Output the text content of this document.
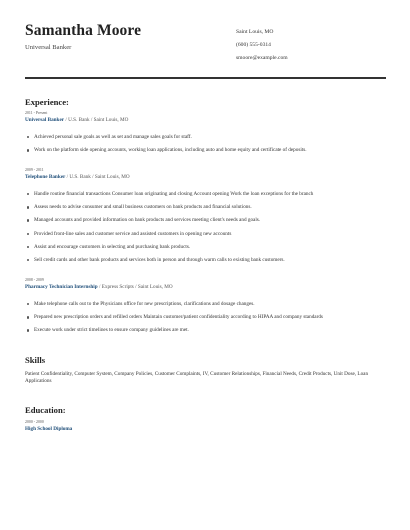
Samantha Moore
Universal Banker
Saint Louis, MO
(600) 555-0314
smoore@example.com
Experience:
2011 - Present
Universal Banker / U.S. Bank / Saint Louis, MO
Achieved personal sale goals as well as set and manage sales goals for staff.
Work on the platform side opening accounts, working loan applications, including auto and home equity and certificate of deposits.
2009 - 2011
Telephone Banker / U.S. Bank / Saint Louis, MO
Handle routine financial transactions Consumer loan originating and closing Account opening Work the loan exceptions for the branch
Assess needs to advise consumer and small business customers on bank products and financial solutions.
Managed accounts and provided information on bank products and services meeting client's needs and goals.
Provided front-line sales and customer service and assisted customers in opening new accounts
Assist and encourage customers in selecting and purchasing bank products.
Sell credit cards and other bank products and services both in person and through warm calls to existing bank customers.
2008 - 2009
Pharmacy Technician Internship / Express Scripts / Saint Louis, MO
Make telephone calls out to the Physicians office for new prescriptions, clarifications and dosage changes.
Prepared new prescription orders and refilled orders Maintain customer/patient confidentiality according to HIPAA and company standards
Execute work under strict timelines to ensure company guidelines are met.
Skills
Patient Confidentiality, Computer System, Company Policies, Customer Complaints, IV, Customer Relationships, Financial Needs, Credit Products, Unit Dose, Loan Applications
Education:
2000 - 2000
High School Diploma
